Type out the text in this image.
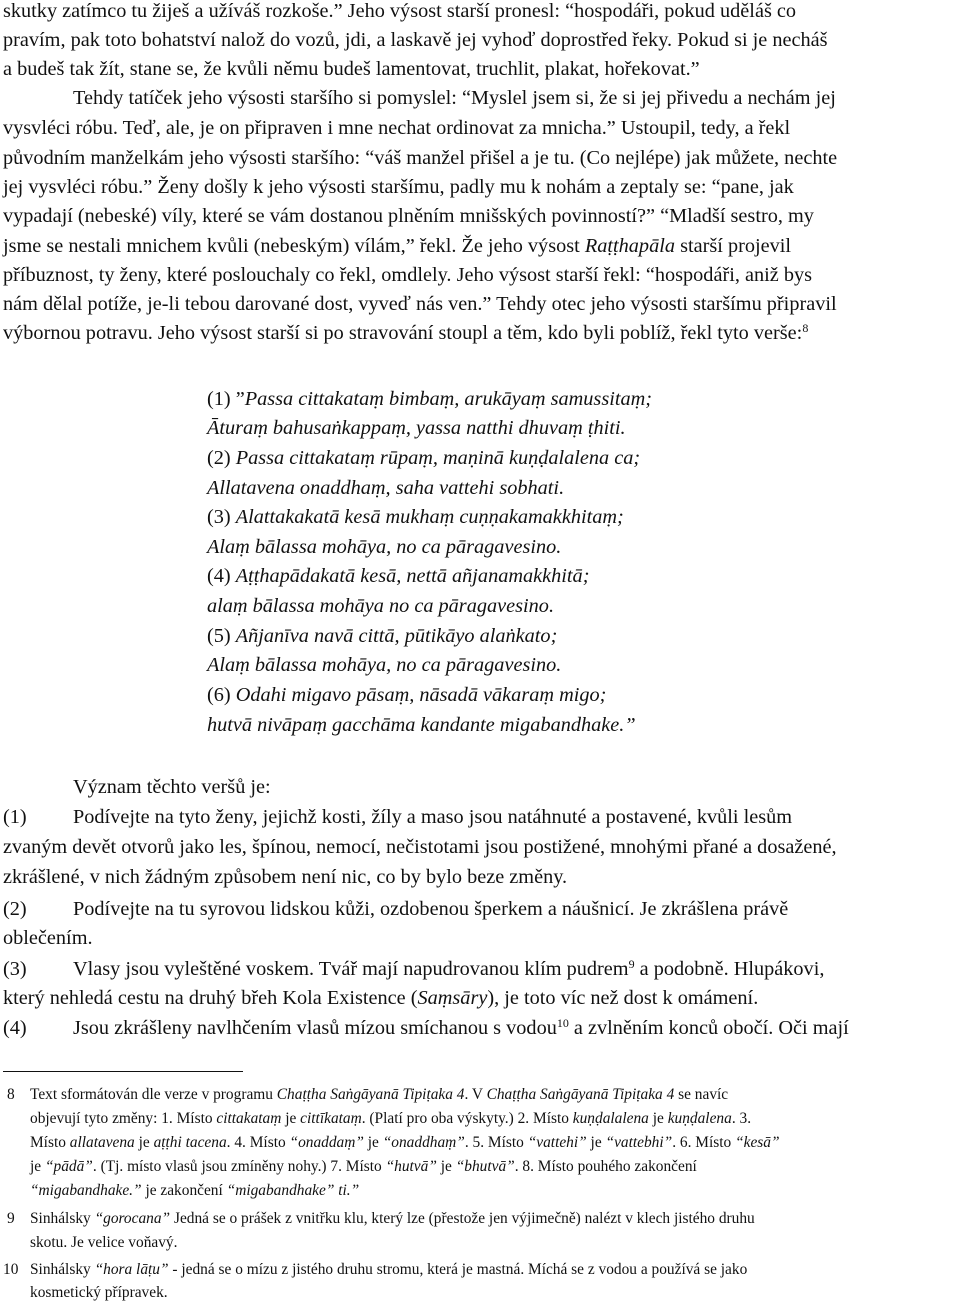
skutky zatímco tu žiješ a užíváš rozkoše.” Jeho výsost starší pronesl: “hospodáři, pokud uděláš co
pravím, pak toto bohatství nalož do vozů, jdi, a laskavě jej vyhoď doprostřed řeky. Pokud si je necháš
a budeš tak žít, stane se, že kvůli němu budeš lamentovat, truchlit, plakat, hořekovat.”
Tehdy tatíček jeho výsosti staršího si pomyslel: “Myslel jsem si, že si jej přivedu a nechám jej
vysvléci róbu. Teď, ale, je on připraven i mne nechat ordinovat za mnicha.” Ustoupil, tedy, a řekl
původním manželkám jeho výsosti staršího: “váš manžel přišel a je tu. (Co nejlépe) jak můžete, nechte
jej vysvléci róbu.” Ženy došly k jeho výsosti staršímu, padly mu k nohám a zeptaly se: “pane, jak
vypadají (nebeské) víly, které se vám dostanou plněním mnišských povinností?” “Mladší sestro, my
jsme se nestali mnichem kvůli (nebeským) vílám,” řekl. Že jeho výsost Raṭṭhapāla starší projevil
příbuznost, ty ženy, které poslouchaly co řekl, omdlely. Jeho výsost starší řekl: “hospodáři, aniž bys
nám dělal potíže, je-li tebou darované dost, vyveď nás ven.” Tehdy otec jeho výsosti staršímu připravil
výbornou potravu. Jeho výsost starší si po stravování stoupl a těm, kdo byli poblíž, řekl tyto verše:$^8$
(1) ”Passa cittakataṃ bimbaṃ, arukāyaṃ samussitaṃ;
Āturaṃ bahusaṅkappaṃ, yassa natthi dhuvaṃ ṭhiti.
(2) Passa cittakataṃ rūpaṃ, maṇinā kuṇḍalalena ca;
Allatavena onaddhaṃ, saha vattehi sobhati.
(3) Alattakakatā kesā mukhaṃ cuṇṇakamakkhitaṃ;
Alaṃ bālassa mohāya, no ca pāragavesino.
(4) Aṭṭhapādakatā kesā, nettā añjanamakkhitā;
alaṃ bālassa mohāya no ca pāragavesino.
(5) Añjanīva navā cittā, pūtikāyo alaṅkato;
Alaṃ bālassa mohāya, no ca pāragavesino.
(6) Odahi migavo pāsaṃ, nāsadā vākaraṃ migo;
hutvā nivāpaṃ gacchāma kandante migabandhake.”
Význam těchto veršů je:
(1) Podívejte na tyto ženy, jejichž kosti, žíly a maso jsou natáhnuté a postavené, kvůli lesům
zvaným devět otvorů jako les, špínou, nemocí, nečistotami jsou postižené, mnohými přané a dosažené,
zkrášlené, v nich žádným způsobem není nic, co by bylo beze změny.
(2) Podívejte na tu syrovou lidskou kůži, ozdobenou šperkem a náušnicí. Je zkrášlena právě
oblečením.
(3) Vlasy jsou vyleštěné voskem. Tvář mají napudrovanou klím pudrem$^9$ a podobně. Hlupákovi,
který nehledá cestu na druhý břeh Kola Existence (Saṃsāry), je toto víc než dost k omámení.
(4) Jsou zkrášleny navlhčením vlasů mízou smíchanou s vodou$^{10}$ a zvlněním konců obočí. Oči mají
8 Text sformátován dle verze v programu Chaṭṭha Saṅgāyanā Tipiṭaka 4. V Chaṭṭha Saṅgāyanā Tipiṭaka 4 se navíc
objevují tyto změny: 1. Místo cittakataṃ je cittīkataṃ. (Platí pro oba výskyty.) 2. Místo kuṇḍalalena je kuṇḍalena. 3.
Místo allatavena je aṭṭhi tacena. 4. Místo “onaddaṃ” je “onaddhaṃ”. 5. Místo “vattehi” je “vattebhi”. 6. Místo “kesā”
je “pādā”. (Tj. místo vlasů jsou zmíněny nohy.) 7. Místo “hutvā” je “bhutvā”. 8. Místo pouhého zakončení
“migabandhake.” je zakončení “migabandhake” ti.”
9 Sinhálsky “gorocana” Jedná se o prášek z vnitřku klu, který lze (přestože jen výjimečně) nalézt v klech jistého druhu
skotu. Je velice voňavý.
10 Sinhálsky “hora lāṭu” - jedná se o mízu z jistého druhu stromu, která je mastná. Míchá se z vodou a používá se jako
kosmetický přípravek.
